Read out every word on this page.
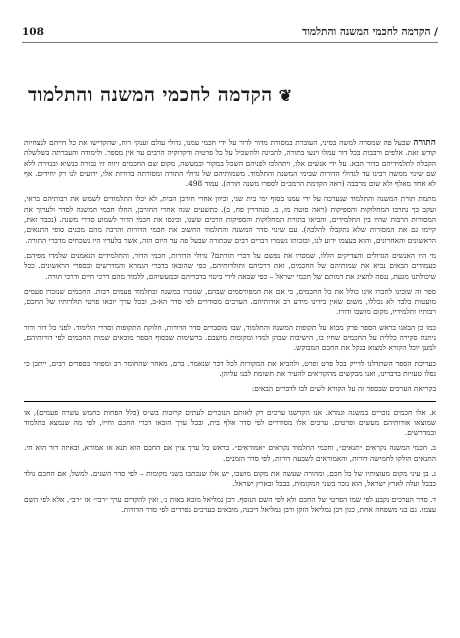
108	/ הקדמה לחכמי המשנה והתלמוד
❦
הקדמה לחכמי המשנה והתלמוד

התורה שבעל פה שמסרה למשה בסיני, העוברת במסורת מדור לדור על ידי חכמי עמנו, גדולי עולם וענקי רוח, שהקדישו את כל חייהם לנצחיות קודש זאת. אלפים ורבבות בכל דור עמלו וינעו בתורה, להבינה ולהשכיל על כל פרטיה ודקדוקיה הרבים עד אין מספר. ולימודה והעברתה בשלשלת הקבלה לתלמידיהם בדור הבא. על ידי אנשים אלו, ויתהלכו לפניהם השכל במקור ובמעשה, מקום שם החכמים זיווה זיו גבורה בנשיא ובנזירה ללא שם שינוי ממשה רבינו עד לגדולי הדורות שבימי המשנה והתלמוד. משמותיהם של גדולי התורה ומסורתה בדורות אלו, ידועים לנו רק יחידים. אף לא אחד מאלף ולא שום מרבבה (ראה הקדמת הרמב״ם לספרו משנה תורה). עמוד 498.

מתמת תורת המשנה והתלמוד שנערכה על ידי עמנו בסוף ימי בית שני, וכיוון אחרי חורבן הבית, לא יכלו התלמודים לשמש את רבותיהם בראי, ועקב כך נתרבו המחלוקות והספיקות (ראה סוטה מז, ב. סנהדרין פח, ב). כתשעים שנה אחרי החורבן, החלו חכמי המשנה לסדר ולערוך את המסורות הרבות שהיו בין התלמידים, והביאו בתורת המחלוקות והספיקות הרבים ששנו, וכינסו את חכמי הדור לשמוע סדרי משנה. (נכבד זאת, קיימו גם את המסורות שלא נתקבלו להלכה). עם שינוי סדר המשנה והתלמוד החשוב את חכמי הדורות והרבה מהם מכנים סופי התנאים, הראשונים והאחרונים, והוא בעצמו ידוע לנו, ובזכותו נשמרו דברים רבים שבתורה שבעל פה עד היום הזה, אשר בלעדיו היו נשכחים מדברי התורה.

מי היו האנשים הגדולים והצדיקים הללו, שמסרו את נפשם על דברי תורתם? גדולי הדורות, חכמי הדור, והתלמידים הנאמנים שלמדו מפיהם. בעמודים הבאים נביא את שמותיהם של החכמים, ואת דרכיהם ותולדותיהם, כפי שהובאו בדברי הגמרא והמדרשים ובספרי הראשונים. ככל שיכולתנו מגעת, ננסה להציג את דמותם של חכמי ישראל – כפי שבאה לידי ביטוי בדבריהם ובמעשיהם, ללמוד מהם דרכי חיים ודרכי תורה.

ספר זה שזכינו לחברו אינו כולל את כל החכמים, כי אם את המפורסמים שבהם, שנזכרו במשנה ובתלמוד פעמים רבות. החכמים שנזכרו פעמים מועטות בלבד לא נכללו, משום שאין בידינו מידע רב אודותיהם. הערכים מסודרים לפי סדר הא-ב, ובכל ערך יובאו פרטי תולדותיו של החכם, רבותיו ותלמידיו, מקום מושבו ודורו.

כמו כן הבאנו בראש הספר פרק מבוא על תקופות המשנה והתלמוד, שבו מוסברים סדר הדורות, חלוקת התקופות וסדרי הלימוד. לפני כל דור ודור ניתנה סקירה כללית על החכמים שחיו בו, הישיבות שבהן למדו ומקומות מושבם. ברשימות שבסוף הספר מובאים שמות החכמים לפי דורותיהם, למען יוכל הקורא למצוא בנקל את החכם המבוקש.

בעריכת הספר השתדלנו לדייק בכל פרט ופרט, ולהביא את המקורות לכל דבר שנאמר. ברם, מאחר שהחומר רב ומפוזר בספרים רבים, ייתכן כי נפלו טעויות בדברינו, ואנו מבקשים מהקוראים להעיר את תשומת לבנו עליהן.

בקריאת הערכים שבספר זה על הקורא לשים לבו לדברים הבאים:

א. אלו חכמים נזכרים במשנה וגמרא. אנו הקדשנו ערכים רק לאותם הנזכרים לעתים קרובות בש״ס (כלל הפחות כחמש עשרה פעמים), או שמוצאו אודותיהם מעשים ופרטים. ערכים אלו מסודרים לפי סדר אלף בית, ובכל ערך הובאו דברי החכם וחייו, לפי מה שנמצא בתלמוד ובמדרשים.

ב. חכמי המשנה נקראים ״תנאים״, וחכמי התלמוד נקראים ״אמוראים״. בראש כל ערך צוין אם החכם הוא תנא או אמורא, ובאיזה דור הוא חי. התנאים חולקו לחמישה דורות, והאמוראים לשבעה דורות, לפי סדר הזמנים.

ג. בן עיני מקום מעוצותיו של כל חכם, ומהורה שעשה את מקום מושבו, יש אלו שנכתבו בשני מקומות – לפי סדר השנים. למשל, אם החכם נולד בבבל ועלה לארץ ישראל, הוא נזכר בשני המקומות, בבבל ובארץ ישראל.

ד. סדר הערכים נקבע לפי שמו הפרטי של החכם ולא לפי השם הנוסף. רבן גמליאל מובא באות ג׳, ואין להקדים ערך ״רבי״ או ״רב״, אלא לפי השם עצמו. גם בני משפחה אחת, כגון רבן גמליאל הזקן ורבן גמליאל דיבנה, מובאים בערכים נפרדים לפי סדר הדורות.
